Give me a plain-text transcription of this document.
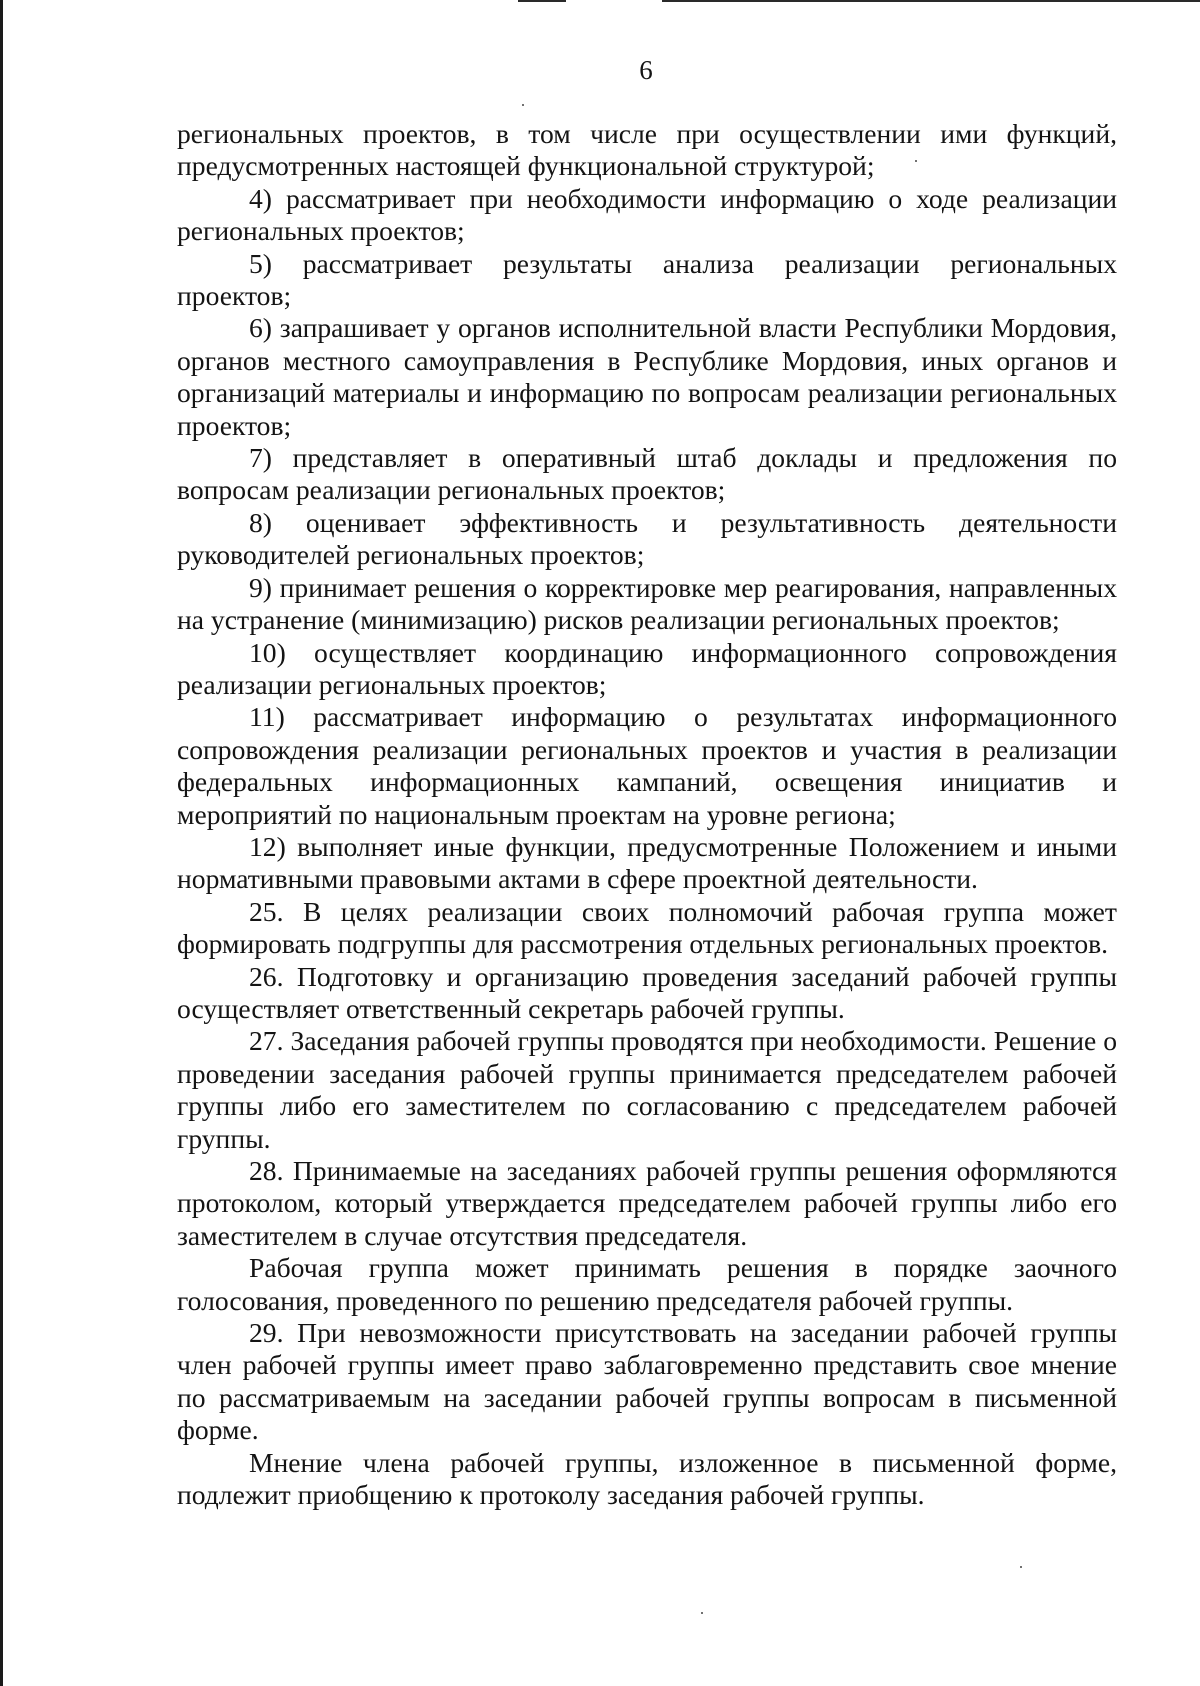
6

региональных проектов, в том числе при осуществлении ими функций, предусмотренных настоящей функциональной структурой;

4) рассматривает при необходимости информацию о ходе реализации региональных проектов;

5) рассматривает результаты анализа реализации региональных проектов;

6) запрашивает у органов исполнительной власти Республики Мордовия, органов местного самоуправления в Республике Мордовия, иных органов и организаций материалы и информацию по вопросам реализации региональных проектов;

7) представляет в оперативный штаб доклады и предложения по вопросам реализации региональных проектов;

8) оценивает эффективность и результативность деятельности руководителей региональных проектов;

9) принимает решения о корректировке мер реагирования, направленных на устранение (минимизацию) рисков реализации региональных проектов;

10) осуществляет координацию информационного сопровождения реализации региональных проектов;

11) рассматривает информацию о результатах информационного сопровождения реализации региональных проектов и участия в реализации федеральных информационных кампаний, освещения инициатив и мероприятий по национальным проектам на уровне региона;

12) выполняет иные функции, предусмотренные Положением и иными нормативными правовыми актами в сфере проектной деятельности.

25. В целях реализации своих полномочий рабочая группа может формировать подгруппы для рассмотрения отдельных региональных проектов.

26. Подготовку и организацию проведения заседаний рабочей группы осуществляет ответственный секретарь рабочей группы.

27. Заседания рабочей группы проводятся при необходимости. Решение о проведении заседания рабочей группы принимается председателем рабочей группы либо его заместителем по согласованию с председателем рабочей группы.

28. Принимаемые на заседаниях рабочей группы решения оформляются протоколом, который утверждается председателем рабочей группы либо его заместителем в случае отсутствия председателя.

Рабочая группа может принимать решения в порядке заочного голосования, проведенного по решению председателя рабочей группы.

29. При невозможности присутствовать на заседании рабочей группы член рабочей группы имеет право заблаговременно представить свое мнение по рассматриваемым на заседании рабочей группы вопросам в письменной форме.

Мнение члена рабочей группы, изложенное в письменной форме, подлежит приобщению к протоколу заседания рабочей группы.
